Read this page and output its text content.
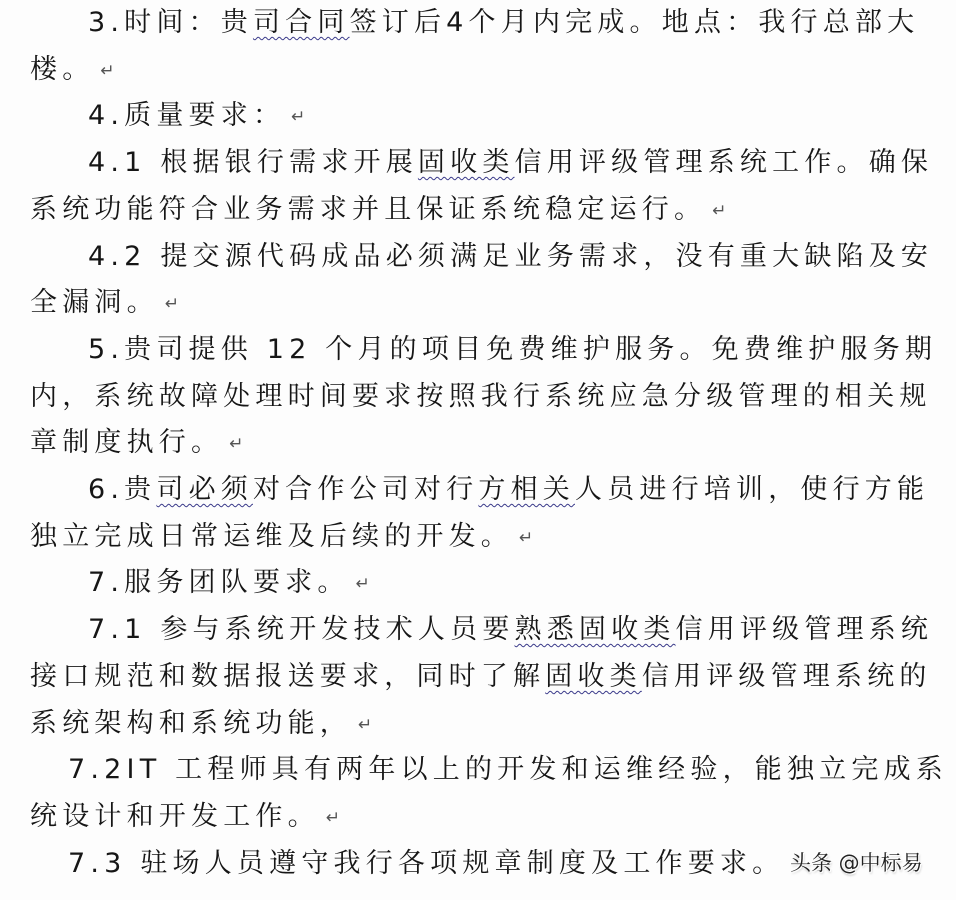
3.时间：贵司合同签订后4个月内完成。地点：我行总部大
楼。 ↵
4.质量要求： ↵
4.1 根据银行需求开展固收类信用评级管理系统工作。确保
系统功能符合业务需求并且保证系统稳定运行。 ↵
4.2 提交源代码成品必须满足业务需求，没有重大缺陷及安
全漏洞。 ↵
5.贵司提供 12 个月的项目免费维护服务。免费维护服务期
内，系统故障处理时间要求按照我行系统应急分级管理的相关规
章制度执行。 ↵
6.贵司必须对合作公司对行方相关人员进行培训，使行方能
独立完成日常运维及后续的开发。 ↵
7.服务团队要求。 ↵
7.1 参与系统开发技术人员要熟悉固收类信用评级管理系统
接口规范和数据报送要求，同时了解固收类信用评级管理系统的
系统架构和系统功能， ↵
7.2IT 工程师具有两年以上的开发和运维经验，能独立完成系
统设计和开发工作。 ↵
7.3 驻场人员遵守我行各项规章制度及工作要求。 头条 @中标易
